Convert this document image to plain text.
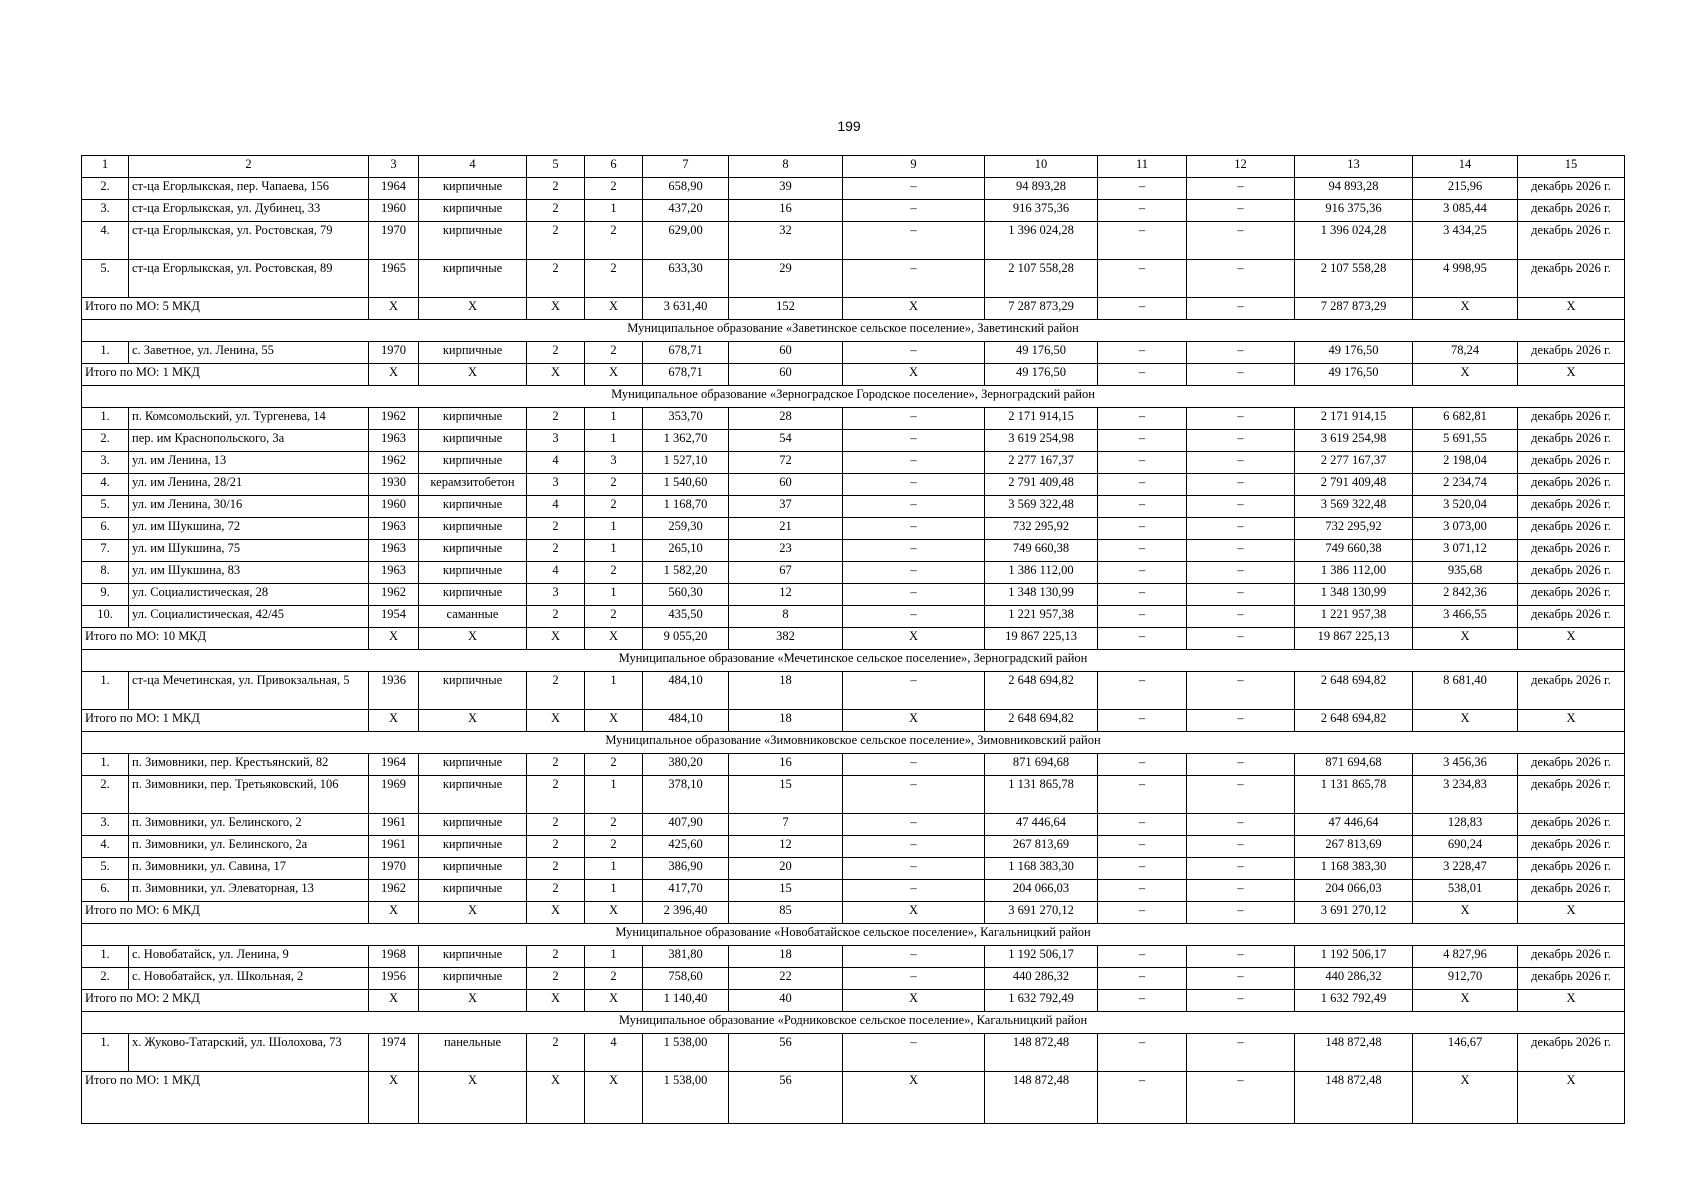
199
1	2	3	4	5	6	7	8	9	10	11	12	13	14	15
2.	ст-ца Егорлыкская, пер. Чапаева, 156	1964	кирпичные	2	2	658,90	39	–	94 893,28	–	–	94 893,28	215,96	декабрь 2026 г.
3.	ст-ца Егорлыкская, ул. Дубинец, 33	1960	кирпичные	2	1	437,20	16	–	916 375,36	–	–	916 375,36	3 085,44	декабрь 2026 г.
4.	ст-ца Егорлыкская, ул. Ростовская, 79	1970	кирпичные	2	2	629,00	32	–	1 396 024,28	–	–	1 396 024,28	3 434,25	декабрь 2026 г.
5.	ст-ца Егорлыкская, ул. Ростовская, 89	1965	кирпичные	2	2	633,30	29	–	2 107 558,28	–	–	2 107 558,28	4 998,95	декабрь 2026 г.
Итого по МО: 5 МКД		X	X	X	X	3 631,40	152	X	7 287 873,29	–	–	7 287 873,29	X	X
Муниципальное образование «Заветинское сельское поселение», Заветинский район														
1.	с. Заветное, ул. Ленина, 55	1970	кирпичные	2	2	678,71	60	–	49 176,50	–	–	49 176,50	78,24	декабрь 2026 г.
Итого по МО: 1 МКД		X	X	X	X	678,71	60	X	49 176,50	–	–	49 176,50	X	X
Муниципальное образование «Зерноградское Городское поселение», Зерноградский район														
1.	п. Комсомольский, ул. Тургенева, 14	1962	кирпичные	2	1	353,70	28	–	2 171 914,15	–	–	2 171 914,15	6 682,81	декабрь 2026 г.
2.	пер. им Краснопольского, 3а	1963	кирпичные	3	1	1 362,70	54	–	3 619 254,98	–	–	3 619 254,98	5 691,55	декабрь 2026 г.
3.	ул. им Ленина, 13	1962	кирпичные	4	3	1 527,10	72	–	2 277 167,37	–	–	2 277 167,37	2 198,04	декабрь 2026 г.
4.	ул. им Ленина, 28/21	1930	керамзитобетон	3	2	1 540,60	60	–	2 791 409,48	–	–	2 791 409,48	2 234,74	декабрь 2026 г.
5.	ул. им Ленина, 30/16	1960	кирпичные	4	2	1 168,70	37	–	3 569 322,48	–	–	3 569 322,48	3 520,04	декабрь 2026 г.
6.	ул. им Шукшина, 72	1963	кирпичные	2	1	259,30	21	–	732 295,92	–	–	732 295,92	3 073,00	декабрь 2026 г.
7.	ул. им Шукшина, 75	1963	кирпичные	2	1	265,10	23	–	749 660,38	–	–	749 660,38	3 071,12	декабрь 2026 г.
8.	ул. им Шукшина, 83	1963	кирпичные	4	2	1 582,20	67	–	1 386 112,00	–	–	1 386 112,00	935,68	декабрь 2026 г.
9.	ул. Социалистическая, 28	1962	кирпичные	3	1	560,30	12	–	1 348 130,99	–	–	1 348 130,99	2 842,36	декабрь 2026 г.
10.	ул. Социалистическая, 42/45	1954	саманные	2	2	435,50	8	–	1 221 957,38	–	–	1 221 957,38	3 466,55	декабрь 2026 г.
Итого по МО: 10 МКД		X	X	X	X	9 055,20	382	X	19 867 225,13	–	–	19 867 225,13	X	X
Муниципальное образование «Мечетинское сельское поселение», Зерноградский район														
1.	ст-ца Мечетинская, ул. Привокзальная, 5	1936	кирпичные	2	1	484,10	18	–	2 648 694,82	–	–	2 648 694,82	8 681,40	декабрь 2026 г.
Итого по МО: 1 МКД		X	X	X	X	484,10	18	X	2 648 694,82	–	–	2 648 694,82	X	X
Муниципальное образование «Зимовниковское сельское поселение», Зимовниковский район														
1.	п. Зимовники, пер. Крестьянский, 82	1964	кирпичные	2	2	380,20	16	–	871 694,68	–	–	871 694,68	3 456,36	декабрь 2026 г.
2.	п. Зимовники, пер. Третьяковский, 106	1969	кирпичные	2	1	378,10	15	–	1 131 865,78	–	–	1 131 865,78	3 234,83	декабрь 2026 г.
3.	п. Зимовники, ул. Белинского, 2	1961	кирпичные	2	2	407,90	7	–	47 446,64	–	–	47 446,64	128,83	декабрь 2026 г.
4.	п. Зимовники, ул. Белинского, 2а	1961	кирпичные	2	2	425,60	12	–	267 813,69	–	–	267 813,69	690,24	декабрь 2026 г.
5.	п. Зимовники, ул. Савина, 17	1970	кирпичные	2	1	386,90	20	–	1 168 383,30	–	–	1 168 383,30	3 228,47	декабрь 2026 г.
6.	п. Зимовники, ул. Элеваторная, 13	1962	кирпичные	2	1	417,70	15	–	204 066,03	–	–	204 066,03	538,01	декабрь 2026 г.
Итого по МО: 6 МКД		X	X	X	X	2 396,40	85	X	3 691 270,12	–	–	3 691 270,12	X	X
Муниципальное образование «Новобатайское сельское поселение», Кагальницкий район														
1.	с. Новобатайск, ул. Ленина, 9	1968	кирпичные	2	1	381,80	18	–	1 192 506,17	–	–	1 192 506,17	4 827,96	декабрь 2026 г.
2.	с. Новобатайск, ул. Школьная, 2	1956	кирпичные	2	2	758,60	22	–	440 286,32	–	–	440 286,32	912,70	декабрь 2026 г.
Итого по МО: 2 МКД		X	X	X	X	1 140,40	40	X	1 632 792,49	–	–	1 632 792,49	X	X
Муниципальное образование «Родниковское сельское поселение», Кагальницкий район														
1.	х. Жуково-Татарский, ул. Шолохова, 73	1974	панельные	2	4	1 538,00	56	–	148 872,48	–	–	148 872,48	146,67	декабрь 2026 г.
Итого по МО: 1 МКД		X	X	X	X	1 538,00	56	X	148 872,48	–	–	148 872,48	X	X
